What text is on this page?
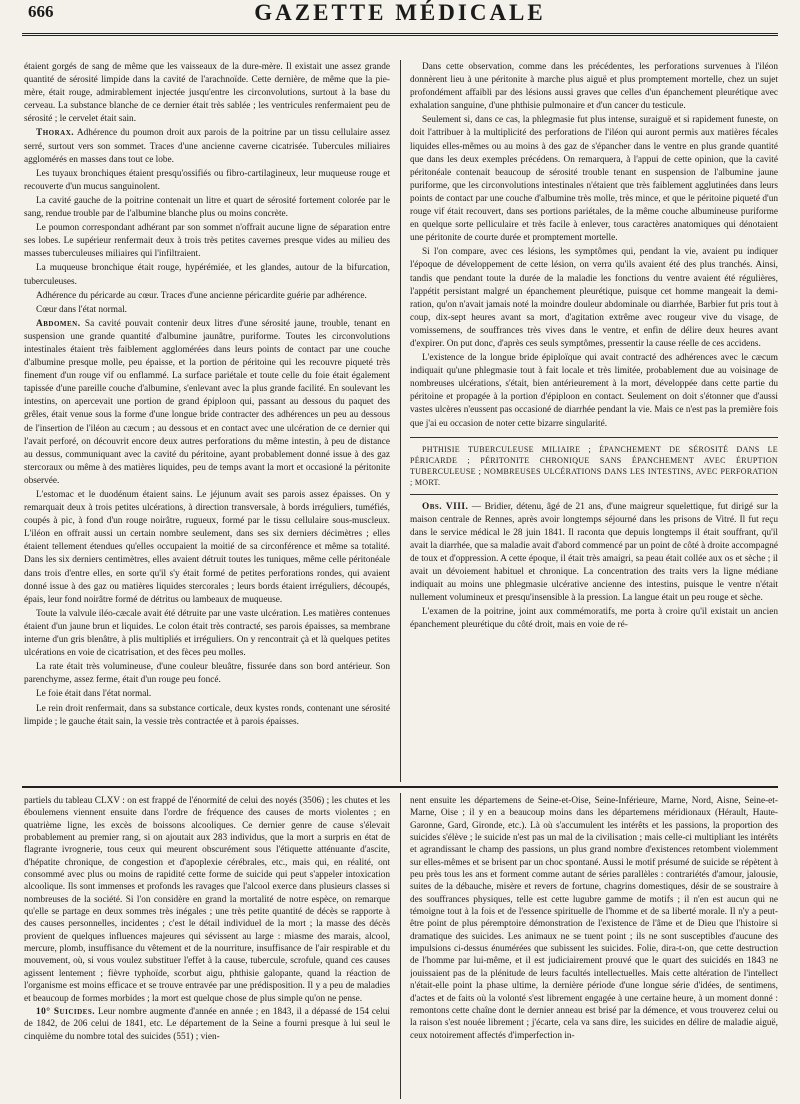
666	GAZETTE MÉDICALE

étaient gorgés de sang de même que les vaisseaux de la dure-mère. Il existait une assez grande quantité de sérosité limpide dans la cavité de l'arachnoïde. Cette dernière, de même que la pie-mère, était rouge, admirablement injectée jusqu'entre les circonvolutions, surtout à la base du cerveau. La substance blanche de ce dernier était très sablée ; les ventricules renfermaient peu de sérosité ; le cervelet était sain.

Thorax. Adhérence du poumon droit aux parois de la poitrine par un tissu cellulaire assez serré, surtout vers son sommet. Traces d'une ancienne caverne cicatrisée. Tubercules miliaires agglomérés en masses dans tout ce lobe.

Les tuyaux bronchiques étaient presqu'ossifiés ou fibro-cartilagineux, leur muqueuse rouge et recouverte d'un mucus sanguinolent.

La cavité gauche de la poitrine contenait un litre et quart de sérosité fortement colorée par le sang, rendue trouble par de l'albumine blanche plus ou moins concrète.

Le poumon correspondant adhérant par son sommet n'offrait aucune ligne de séparation entre ses lobes. Le supérieur renfermait deux à trois très petites cavernes presque vides au milieu des masses tuberculeuses miliaires qui l'infiltraient.

La muqueuse bronchique était rouge, hypérémiée, et les glandes, autour de la bifurcation, tuberculeuses.

Adhérence du péricarde au cœur. Traces d'une ancienne péricardite guérie par adhérence.

Cœur dans l'état normal.

Abdomen. Sa cavité pouvait contenir deux litres d'une sérosité jaune, trouble, tenant en suspension une grande quantité d'albumine jaunâtre, puriforme. Toutes les circonvolutions intestinales étaient très faiblement agglomérées dans leurs points de contact par une couche d'albumine presque molle, peu épaisse, et la portion de péritoine qui les recouvre piqueté très finement d'un rouge vif ou enflammé. La surface pariétale et toute celle du foie était également tapissée d'une pareille couche d'albumine, s'enlevant avec la plus grande facilité. En soulevant les intestins, on apercevait une portion de grand épiploon qui, passant au dessous du paquet des grêles, était venue sous la forme d'une longue bride contracter des adhérences un peu au dessous de l'insertion de l'iléon au cæcum ; au dessous et en contact avec une ulcération de ce dernier qui l'avait perforé, on découvrit encore deux autres perforations du même intestin, à peu de distance au dessus, communiquant avec la cavité du péritoine, ayant probablement donné issue à des gaz stercoraux ou même à des matières liquides, peu de temps avant la mort et occasioné la péritonite observée.

L'estomac et le duodénum étaient sains. Le jéjunum avait ses parois assez épaisses. On y remarquait deux à trois petites ulcérations, à direction transversale, à bords irréguliers, tuméfiés, coupés à pic, à fond d'un rouge noirâtre, rugueux, formé par le tissu cellulaire sous-muscleux. L'iléon en offrait aussi un certain nombre seulement, dans ses six derniers décimètres ; elles étaient tellement étendues qu'elles occupaient la moitié de sa circonférence et même sa totalité. Dans les six derniers centimètres, elles avaient détruit toutes les tuniques, même celle péritonéale dans trois d'entre elles, en sorte qu'il s'y était formé de petites perforations rondes, qui avaient donné issue à des gaz ou matières liquides stercorales ; leurs bords étaient irréguliers, découpés, épais, leur fond noirâtre formé de détritus ou lambeaux de muqueuse.

Toute la valvule iléo-cæcale avait été détruite par une vaste ulcération. Les matières contenues étaient d'un jaune brun et liquides. Le colon était très contracté, ses parois épaisses, sa membrane interne d'un gris blenâtre, à plis multipliés et irréguliers. On y rencontrait çà et là quelques petites ulcérations en voie de cicatrisation, et des fèces peu molles.

La rate était très volumineuse, d'une couleur bleuâtre, fissurée dans son bord antérieur. Son parenchyme, assez ferme, était d'un rouge peu foncé.

Le foie était dans l'état normal.

Le rein droit renfermait, dans sa substance corticale, deux kystes ronds, contenant une sérosité limpide ; le gauche était sain, la vessie très contractée et à parois épaisses.

Dans cette observation, comme dans les précédentes, les perforations survenues à l'iléon donnèrent lieu à une péritonite à marche plus aiguë et plus promptement mortelle, chez un sujet profondément affaibli par des lésions aussi graves que celles d'un épanchement pleurétique avec exhalation sanguine, d'une phthisie pulmonaire et d'un cancer du testicule.

Seulement si, dans ce cas, la phlegmasie fut plus intense, suraiguë et si rapidement funeste, on doit l'attribuer à la multiplicité des perforations de l'iléon qui auront permis aux matières fécales liquides elles-mêmes ou au moins à des gaz de s'épancher dans le ventre en plus grande quantité que dans les deux exemples précédens. On remarquera, à l'appui de cette opinion, que la cavité péritonéale contenait beaucoup de sérosité trouble tenant en suspension de l'albumine jaune puriforme, que les circonvolutions intestinales n'étaient que très faiblement agglutinées dans leurs points de contact par une couche d'albumine très molle, très mince, et que le péritoine piqueté d'un rouge vif était recouvert, dans ses portions pariétales, de la même couche albumineuse puriforme en quelque sorte pelliculaire et très facile à enlever, tous caractères anatomiques qui dénotaient une péritonite de courte durée et promptement mortelle.

Si l'on compare, avec ces lésions, les symptômes qui, pendant la vie, avaient pu indiquer l'époque de développement de cette lésion, on verra qu'ils avaient été des plus tranchés. Ainsi, tandis que pendant toute la durée de la maladie les fonctions du ventre avaient été régulières, l'appétit persistant malgré un épanchement pleurétique, puisque cet homme mangeait la demi-ration, qu'on n'avait jamais noté la moindre douleur abdominale ou diarrhée, Barbier fut pris tout à coup, dix-sept heures avant sa mort, d'agitation extrême avec rougeur vive du visage, de vomissemens, de souffrances très vives dans le ventre, et enfin de délire deux heures avant d'expirer. On put donc, d'après ces seuls symptômes, pressentir la cause réelle de ces accidens.

L'existence de la longue bride épiploïque qui avait contracté des adhérences avec le cæcum indiquait qu'une phlegmasie tout à fait locale et très limitée, probablement due au voisinage de nombreuses ulcérations, s'était, bien antérieurement à la mort, développée dans cette partie du péritoine et propagée à la portion d'épiploon en contact. Seulement on doit s'étonner que d'aussi vastes ulcères n'eussent pas occasioné de diarrhée pendant la vie. Mais ce n'est pas la première fois que j'ai eu occasion de noter cette bizarre singularité.

PHTHISIE TUBERCULEUSE MILIAIRE ; ÉPANCHEMENT DE SÉROSITÉ DANS LE PÉRICARDE ; PÉRITONITE CHRONIQUE SANS ÉPANCHEMENT AVEC ÉRUPTION TUBERCULEUSE ; NOMBREUSES ULCÉRATIONS DANS LES INTESTINS, AVEC PERFORATION ; MORT.

Obs. VIII. — Bridier, détenu, âgé de 21 ans, d'une maigreur squelettique, fut dirigé sur la maison centrale de Rennes, après avoir longtemps séjourné dans les prisons de Vitré. Il fut reçu dans le service médical le 28 juin 1841. Il raconta que depuis longtemps il était souffrant, qu'il avait la diarrhée, que sa maladie avait d'abord commencé par un point de côté à droite accompagné de toux et d'oppression. A cette époque, il était très amaigri, sa peau était collée aux os et sèche ; il avait un dévoiement habituel et chronique. La concentration des traits vers la ligne médiane indiquait au moins une phlegmasie ulcérative ancienne des intestins, puisque le ventre n'était nullement volumineux et presqu'insensible à la pression. La langue était un peu rouge et sèche.

L'examen de la poitrine, joint aux commémoratifs, me porta à croire qu'il existait un ancien épanchement pleurétique du côté droit, mais en voie de ré-

partiels du tableau CLXV : on est frappé de l'énormité de celui des noyés (3506) ; les chutes et les éboulemens viennent ensuite dans l'ordre de fréquence des causes de morts violentes ; en quatrième ligne, les excès de boissons alcooliques. Ce dernier genre de cause s'élevait probablement au premier rang, si on ajoutait aux 283 individus, que la mort a surpris en état de flagrante ivrognerie, tous ceux qui meurent obscurément sous l'étiquette atténuante d'ascite, d'hépatite chronique, de congestion et d'apoplexie cérébrales, etc., mais qui, en réalité, ont consommé avec plus ou moins de rapidité cette forme de suicide qui peut s'appeler intoxication alcoolique. Ils sont immenses et profonds les ravages que l'alcool exerce dans plusieurs classes si nombreuses de la société. Si l'on considère en grand la mortalité de notre espèce, on remarque qu'elle se partage en deux sommes très inégales ; une très petite quantité de décès se rapporte à des causes personnelles, incidentes ; c'est le détail individuel de la mort ; la masse des décès provient de quelques influences majeures qui sévissent au large : miasme des marais, alcool, mercure, plomb, insuffisance du vêtement et de la nourriture, insuffisance de l'air respirable et du mouvement, où, si vous voulez substituer l'effet à la cause, tubercule, scrofule, quand ces causes agissent lentement ; fièvre typhoïde, scorbut aigu, phthisie galopante, quand la réaction de l'organisme est moins efficace et se trouve entravée par une prédisposition. Il y a peu de maladies et beaucoup de formes morbides ; la mort est quelque chose de plus simple qu'on ne pense.

10° Suicides. Leur nombre augmente d'année en année ; en 1843, il a dépassé de 154 celui de 1842, de 206 celui de 1841, etc. Le département de la Seine a fourni presque à lui seul le cinquième du nombre total des suicides (551) ; vien-

nent ensuite les départemens de Seine-et-Oise, Seine-Inférieure, Marne, Nord, Aisne, Seine-et-Marne, Oise ; il y en a beaucoup moins dans les départemens méridionaux (Hérault, Haute-Garonne, Gard, Gironde, etc.). Là où s'accumulent les intérêts et les passions, la proportion des suicides s'élève ; le suicide n'est pas un mal de la civilisation ; mais celle-ci multipliant les intérêts et agrandissant le champ des passions, un plus grand nombre d'existences retombent violemment sur elles-mêmes et se brisent par un choc spontané. Aussi le motif présumé de suicide se répètent à peu près tous les ans et forment comme autant de séries parallèles : contrariétés d'amour, jalousie, suites de la débauche, misère et revers de fortune, chagrins domestiques, désir de se soustraire à des souffrances physiques, telle est cette lugubre gamme de motifs ; il n'en est aucun qui ne témoigne tout à la fois et de l'essence spirituelle de l'homme et de sa liberté morale. Il n'y a peut-être point de plus péremptoire démonstration de l'existence de l'âme et de Dieu que l'histoire si dramatique des suicides. Les animaux ne se tuent point ; ils ne sont susceptibles d'aucune des impulsions ci-dessus énumérées que subissent les suicides. Folie, dira-t-on, que cette destruction de l'homme par lui-même, et il est judiciairement prouvé que le quart des suicidés en 1843 ne jouissaient pas de la plénitude de leurs facultés intellectuelles. Mais cette altération de l'intellect n'était-elle point la phase ultime, la dernière période d'une longue série d'idées, de sentimens, d'actes et de faits où la volonté s'est librement engagée à une certaine heure, à un moment donné : remontons cette chaîne dont le dernier anneau est brisé par la démence, et vous trouverez celui ou la raison s'est nouée librement ; j'écarte, cela va sans dire, les suicides en délire de maladie aiguë, ceux notoirement affectés d'imperfection in-
